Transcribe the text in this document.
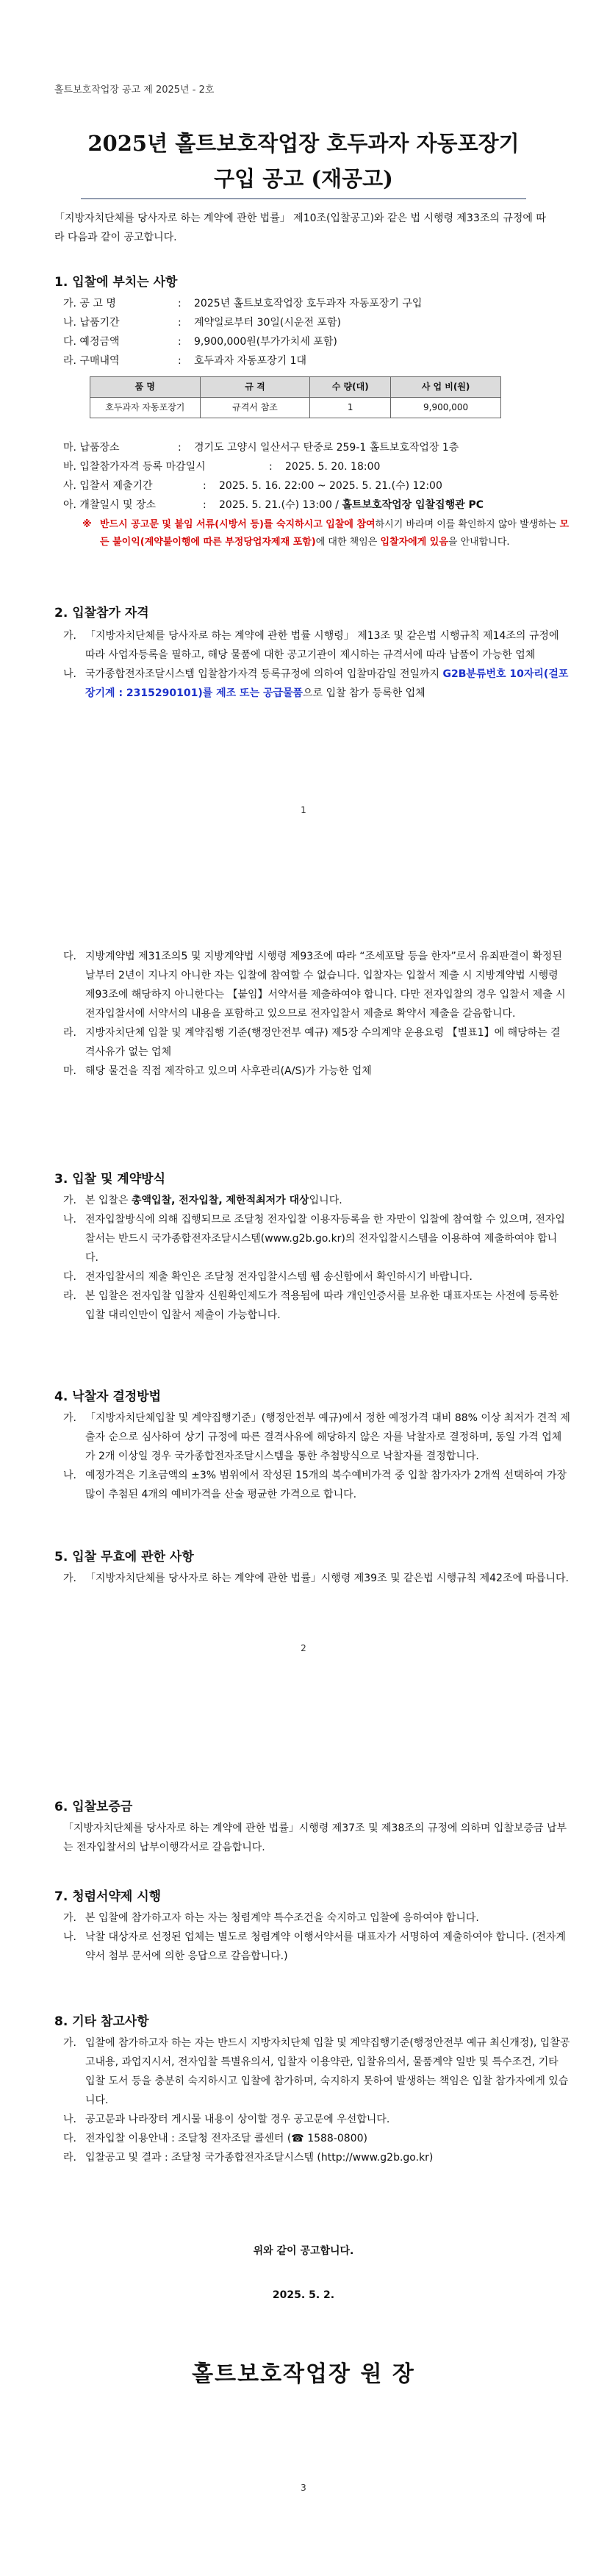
홀트보호작업장 공고 제 2025년 - 2호
2025년 홀트보호작업장 호두과자 자동포장기
구입 공고 (재공고)
「지방자치단체를 당사자로 하는 계약에 관한 법률」 제10조(입찰공고)와 같은 법 시행령 제33조의 규정에 따라 다음과 같이 공고합니다.
1. 입찰에 부치는 사항
가. 공 고 명	:	2025년 홀트보호작업장 호두과자 자동포장기 구입
나. 납품기간	:	계약일로부터 30일(시운전 포함)
다. 예정금액	:	9,900,000원(부가가치세 포함)
라. 구매내역	:	호두과자 자동포장기 1대
품 명	규 격	수 량(대)	사 업 비(원)
호두과자 자동포장기	규격서 참조	1	9,900,000
마. 납품장소	:	경기도 고양시 일산서구 탄중로 259-1 홀트보호작업장 1층
바. 입찰참가자격 등록 마감일시	:	2025. 5. 20. 18:00
사. 입찰서 제출기간	:	2025. 5. 16. 22:00 ~ 2025. 5. 21.(수) 12:00
아. 개찰일시 및 장소	:	2025. 5. 21.(수) 13:00 / 홀트보호작업장 입찰집행관 PC
※ 반드시 공고문 및 붙임 서류(시방서 등)를 숙지하시고 입찰에 참여하시기 바라며 이를 확인하지 않아 발생하는 모든 불이익(계약불이행에 따른 부정당업자제재 포함)에 대한 책임은 입찰자에게 있음을 안내합니다.
2. 입찰참가 자격
가. 「지방자치단체를 당사자로 하는 계약에 관한 법률 시행령」 제13조 및 같은법 시행규칙 제14조의 규정에 따라 사업자등록을 필하고, 해당 물품에 대한 공고기관이 제시하는 규격서에 따라 납품이 가능한 업체
나. 국가종합전자조달시스템 입찰참가자격 등록규정에 의하여 입찰마감일 전일까지 G2B분류번호 10자리(걸포장기계 : 2315290101)를 제조 또는 공급물품으로 입찰 참가 등록한 업체
1
다. 지방계약법 제31조의5 및 지방계약법 시행령 제93조에 따라 “조세포탈 등을 한자”로서 유죄판결이 확정된 날부터 2년이 지나지 아니한 자는 입찰에 참여할 수 없습니다. 입찰자는 입찰서 제출 시 지방계약법 시행령 제93조에 해당하지 아니한다는 【붙임】서약서를 제출하여야 합니다. 다만 전자입찰의 경우 입찰서 제출 시 전자입찰서에 서약서의 내용을 포함하고 있으므로 전자입찰서 제출로 확약서 제출을 갈음합니다.
라. 지방자치단체 입찰 및 계약집행 기준(행정안전부 예규) 제5장 수의계약 운용요령 【별표1】에 해당하는 결격사유가 없는 업체
마. 해당 물건을 직접 제작하고 있으며 사후관리(A/S)가 가능한 업체
3. 입찰 및 계약방식
가. 본 입찰은 총액입찰, 전자입찰, 제한적최저가 대상입니다.
나. 전자입찰방식에 의해 집행되므로 조달청 전자입찰 이용자등록을 한 자만이 입찰에 참여할 수 있으며, 전자입찰서는 반드시 국가종합전자조달시스템(www.g2b.go.kr)의 전자입찰시스템을 이용하여 제출하여야 합니다.
다. 전자입찰서의 제출 확인은 조달청 전자입찰시스템 웹 송신함에서 확인하시기 바랍니다.
라. 본 입찰은 전자입찰 입찰자 신원확인제도가 적용됨에 따라 개인인증서를 보유한 대표자또는 사전에 등록한 입찰 대리인만이 입찰서 제출이 가능합니다.
4. 낙찰자 결정방법
가. 「지방자치단체입찰 및 계약집행기준」(행정안전부 예규)에서 정한 예정가격 대비 88% 이상 최저가 견적 제출자 순으로 심사하여 상기 규정에 따른 결격사유에 해당하지 않은 자를 낙찰자로 결정하며, 동일 가격 업체가 2개 이상일 경우 국가종합전자조달시스템을 통한 추첨방식으로 낙찰자를 결정합니다.
나. 예정가격은 기초금액의 ±3% 범위에서 작성된 15개의 복수예비가격 중 입찰 참가자가 2개씩 선택하여 가장 많이 추첨된 4개의 예비가격을 산술 평균한 가격으로 합니다.
5. 입찰 무효에 관한 사항
가. 「지방자치단체를 당사자로 하는 계약에 관한 법률」시행령 제39조 및 같은법 시행규칙 제42조에 따릅니다.
2
6. 입찰보증금
「지방자치단체를 당사자로 하는 계약에 관한 법률」시행령 제37조 및 제38조의 규정에 의하며 입찰보증금 납부는 전자입찰서의 납부이행각서로 갈음합니다.
7. 청렴서약제 시행
가. 본 입찰에 참가하고자 하는 자는 청렴계약 특수조건을 숙지하고 입찰에 응하여야 합니다.
나. 낙찰 대상자로 선정된 업체는 별도로 청렴계약 이행서약서를 대표자가 서명하여 제출하여야 합니다. (전자계약서 첨부 문서에 의한 응답으로 갈음합니다.)
8. 기타 참고사항
가. 입찰에 참가하고자 하는 자는 반드시 지방자치단체 입찰 및 계약집행기준(행정안전부 예규 최신개정), 입찰공고내용, 과업지시서, 전자입찰 특별유의서, 입찰자 이용약관, 입찰유의서, 물품계약 일반 및 특수조건, 기타 입찰 도서 등을 충분히 숙지하시고 입찰에 참가하며, 숙지하지 못하여 발생하는 책임은 입찰 참가자에게 있습니다.
나. 공고문과 나라장터 게시물 내용이 상이할 경우 공고문에 우선합니다.
다. 전자입찰 이용안내 : 조달청 전자조달 콜센터 (☎ 1588-0800)
라. 입찰공고 및 결과 : 조달청 국가종합전자조달시스템 (http://www.g2b.go.kr)
위와 같이 공고합니다.
2025. 5. 2.
홀트보호작업장 원 장
3
